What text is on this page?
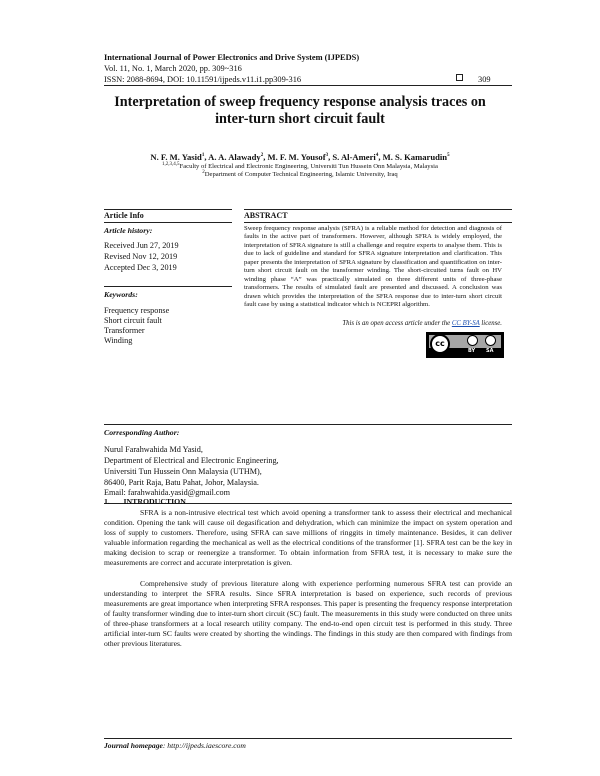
International Journal of Power Electronics and Drive System (IJPEDS)
Vol. 11, No. 1, March 2020, pp. 309~316
ISSN: 2088-8694, DOI: 10.11591/ijpeds.v11.i1.pp309-316	309
Interpretation of sweep frequency response analysis traces on
inter-turn short circuit fault
N. F. M. Yasid$^1$, A. A. Alawady$^2$, M. F. M. Yousof$^3$, S. Al-Ameri$^4$, M. S. Kamarudin$^5$
$^{1,2,3,4,5}$Faculty of Electrical and Electronic Engineering, Universiti Tun Hussein Onn Malaysia, Malaysia
$^2$Department of Computer Technical Engineering, Islamic University, Iraq
Article Info
Article history:
Received Jun 27, 2019
Revised Nov 12, 2019
Accepted Dec 3, 2019
Keywords:
Frequency response
Short circuit fault
Transformer
Winding
ABSTRACT
Sweep frequency response analysis (SFRA) is a reliable method for detection and diagnosis of faults in the active part of transformers. However, although SFRA is widely employed, the interpretation of SFRA signature is still a challenge and require experts to analyse them. This is due to lack of guideline and standard for SFRA signature interpretation and clarification. This paper presents the interpretation of SFRA signature by classification and quantification on inter-turn short circuit fault on the transformer winding. The short-circuited turns fault on HV winding phase “A” was practically simulated on three different units of three-phase transformers. The results of simulated fault are presented and discussed. A conclusion was drawn which provides the interpretation of the SFRA response due to inter-turn short circuit fault case by using a statistical indicator which is NCEPRI algorithm.
This is an open access article under the CC BY-SA license.
cc
BY SA
Corresponding Author:
Nurul Farahwahida Md Yasid,
Department of Electrical and Electronic Engineering,
Universiti Tun Hussein Onn Malaysia (UTHM),
86400, Parit Raja, Batu Pahat, Johor, Malaysia.
Email: farahwahida.yasid@gmail.com
1.       INTRODUCTION
SFRA is a non-intrusive electrical test which avoid opening a transformer tank to assess their electrical and mechanical condition. Opening the tank will cause oil degasification and dehydration, which can minimize the impact on system operation and loss of supply to customers. Therefore, using SFRA can save millions of ringgits in timely maintenance. Besides, it can deliver valuable information regarding the mechanical as well as the electrical conditions of the transformer [1]. SFRA test can be the key in making decision to scrap or reenergize a transformer. To obtain information from SFRA test, it is necessary to make sure the measurements are correct and accurate interpretation is given.
Comprehensive study of previous literature along with experience performing numerous SFRA test can provide an understanding to interpret the SFRA results. Since SFRA interpretation is based on experience, such records of previous measurements are great importance when interpreting SFRA responses. This paper is presenting the frequency response interpretation of faulty transformer winding due to inter-turn short circuit (SC) fault. The measurements in this study were conducted on three units of three-phase transformers at a local research utility company. The end-to-end open circuit test is performed in this study. Three artificial inter-turn SC faults were created by shorting the windings. The findings in this study are then compared with findings from other previous literatures.
Journal homepage: http://ijpeds.iaescore.com
